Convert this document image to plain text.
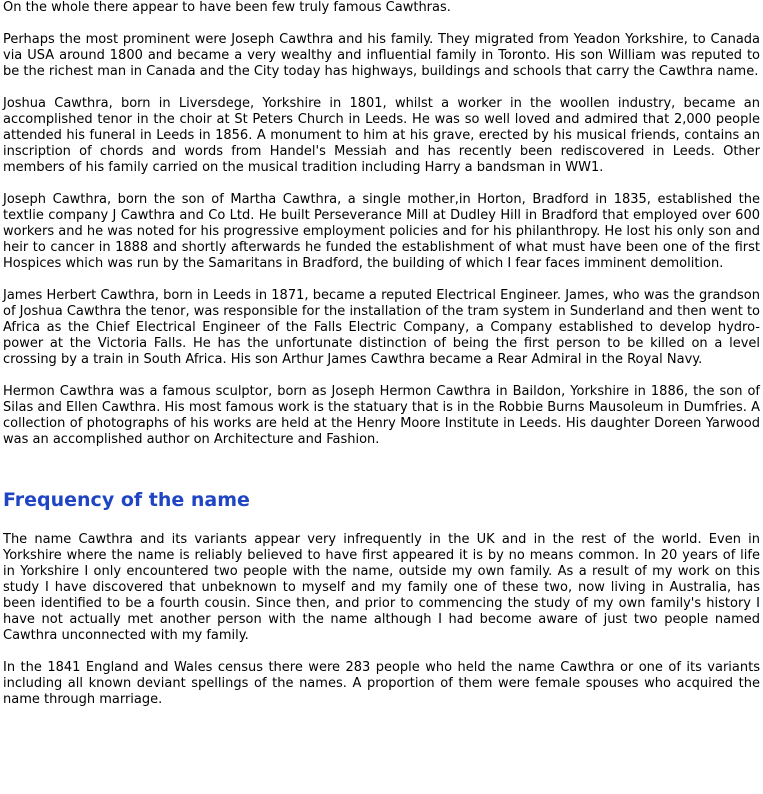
On the whole there appear to have been few truly famous Cawthras.

Perhaps the most prominent were Joseph Cawthra and his family. They migrated from Yeadon Yorkshire, to Canada via USA around 1800 and became a very wealthy and influential family in Toronto. His son William was reputed to be the richest man in Canada and the City today has highways, buildings and schools that carry the Cawthra name.

Joshua Cawthra, born in Liversdege, Yorkshire in 1801, whilst a worker in the woollen industry, became an accomplished tenor in the choir at St Peters Church in Leeds. He was so well loved and admired that 2,000 people attended his funeral in Leeds in 1856. A monument to him at his grave, erected by his musical friends, contains an inscription of chords and words from Handel's Messiah and has recently been rediscovered in Leeds. Other members of his family carried on the musical tradition including Harry a bandsman in WW1.

Joseph Cawthra, born the son of Martha Cawthra, a single mother,in Horton, Bradford in 1835, established the textlie company J Cawthra and Co Ltd. He built Perseverance Mill at Dudley Hill in Bradford that employed over 600 workers and he was noted for his progressive employment policies and for his philanthropy. He lost his only son and heir to cancer in 1888 and shortly afterwards he funded the establishment of what must have been one of the first Hospices which was run by the Samaritans in Bradford, the building of which I fear faces imminent demolition.

James Herbert Cawthra, born in Leeds in 1871, became a reputed Electrical Engineer. James, who was the grandson of Joshua Cawthra the tenor, was responsible for the installation of the tram system in Sunderland and then went to Africa as the Chief Electrical Engineer of the Falls Electric Company, a Company established to develop hydro-power at the Victoria Falls. He has the unfortunate distinction of being the first person to be killed on a level crossing by a train in South Africa. His son Arthur James Cawthra became a Rear Admiral in the Royal Navy.

Hermon Cawthra was a famous sculptor, born as Joseph Hermon Cawthra in Baildon, Yorkshire in 1886, the son of Silas and Ellen Cawthra. His most famous work is the statuary that is in the Robbie Burns Mausoleum in Dumfries. A collection of photographs of his works are held at the Henry Moore Institute in Leeds. His daughter Doreen Yarwood was an accomplished author on Architecture and Fashion.

Frequency of the name

The name Cawthra and its variants appear very infrequently in the UK and in the rest of the world. Even in Yorkshire where the name is reliably believed to have first appeared it is by no means common. In 20 years of life in Yorkshire I only encountered two people with the name, outside my own family. As a result of my work on this study I have discovered that unbeknown to myself and my family one of these two, now living in Australia, has been identified to be a fourth cousin. Since then, and prior to commencing the study of my own family's history I have not actually met another person with the name although I had become aware of just two people named Cawthra unconnected with my family.

In the 1841 England and Wales census there were 283 people who held the name Cawthra or one of its variants including all known deviant spellings of the names. A proportion of them were female spouses who acquired the name through marriage.
